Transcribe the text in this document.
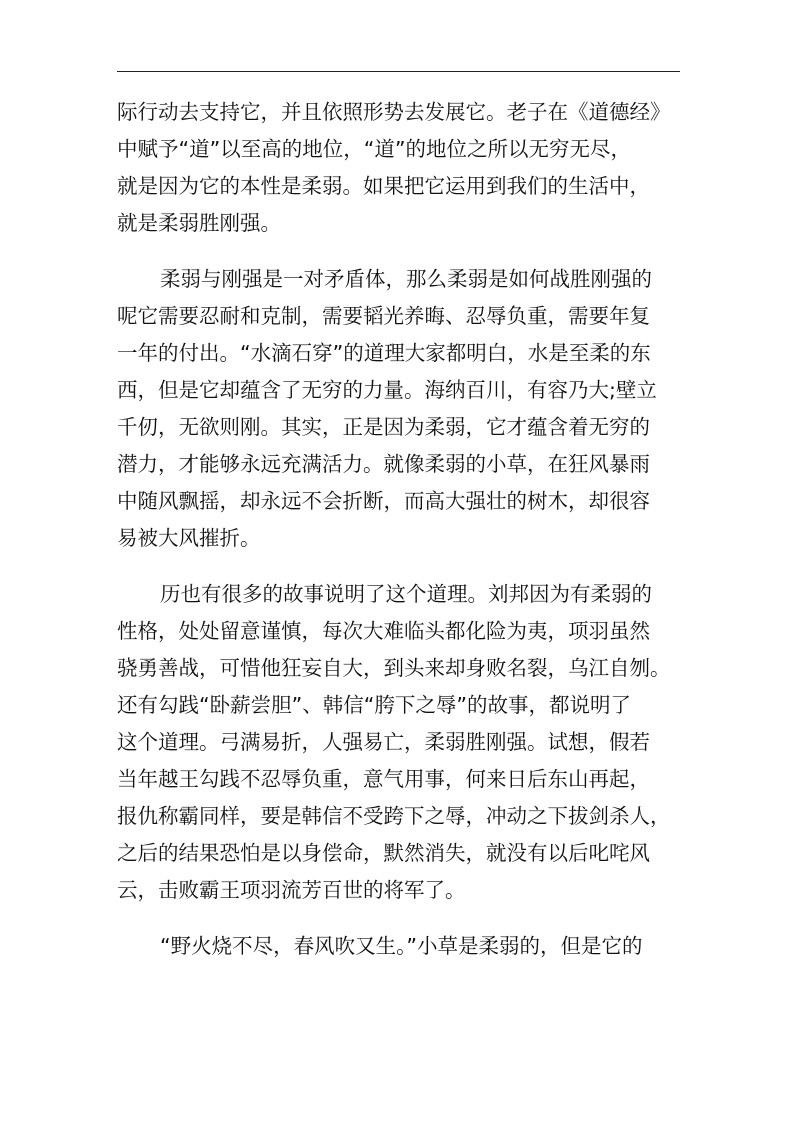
际行动去支持它，并且依照形势去发展它。老子在《道德经》
中赋予“道”以至高的地位，“道”的地位之所以无穷无尽，
就是因为它的本性是柔弱。如果把它运用到我们的生活中，
就是柔弱胜刚强。
柔弱与刚强是一对矛盾体，那么柔弱是如何战胜刚强的
呢它需要忍耐和克制，需要韬光养晦、忍辱负重，需要年复
一年的付出。“水滴石穿”的道理大家都明白，水是至柔的东
西，但是它却蕴含了无穷的力量。海纳百川，有容乃大;壁立
千仞，无欲则刚。其实，正是因为柔弱，它才蕴含着无穷的
潜力，才能够永远充满活力。就像柔弱的小草，在狂风暴雨
中随风飘摇，却永远不会折断，而高大强壮的树木，却很容
易被大风摧折。
历也有很多的故事说明了这个道理。刘邦因为有柔弱的
性格，处处留意谨慎，每次大难临头都化险为夷，项羽虽然
骁勇善战，可惜他狂妄自大，到头来却身败名裂，乌江自刎。
还有勾践“卧薪尝胆”、韩信“胯下之辱”的故事，都说明了
这个道理。弓满易折，人强易亡，柔弱胜刚强。试想，假若
当年越王勾践不忍辱负重，意气用事，何来日后东山再起，
报仇称霸同样，要是韩信不受跨下之辱，冲动之下拔剑杀人，
之后的结果恐怕是以身偿命，默然消失，就没有以后叱咤风
云，击败霸王项羽流芳百世的将军了。
“野火烧不尽，春风吹又生。”小草是柔弱的，但是它的
